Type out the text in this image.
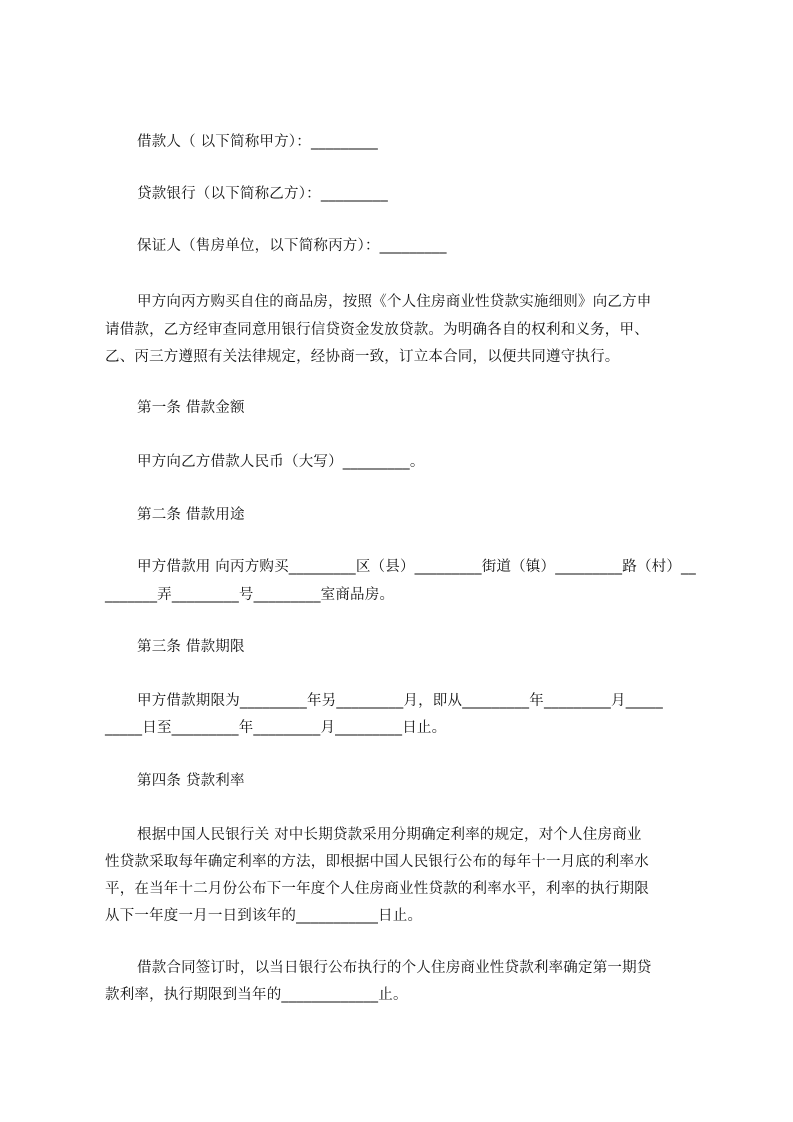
借款人（ 以下简称甲方）：_________
贷款银行（以下简称乙方）：_________
保证人（售房单位，以下简称丙方）：_________
甲方向丙方购买自住的商品房，按照《个人住房商业性贷款实施细则》向乙方申
请借款，乙方经审查同意用银行信贷资金发放贷款。为明确各自的权利和义务，甲、
乙、丙三方遵照有关法律规定，经协商一致，订立本合同，以便共同遵守执行。
第一条 借款金额
甲方向乙方借款人民币（大写）_________。
第二条 借款用途
甲方借款用 向丙方购买_________区（县）_________街道（镇）_________路（村）__
_______弄_________号_________室商品房。
第三条 借款期限
甲方借款期限为_________年另_________月，即从_________年_________月_____
_____日至_________年_________月_________日止。
第四条 贷款利率
根据中国人民银行关 对中长期贷款采用分期确定利率的规定，对个人住房商业
性贷款采取每年确定利率的方法，即根据中国人民银行公布的每年十一月底的利率水
平，在当年十二月份公布下一年度个人住房商业性贷款的利率水平，利率的执行期限
从下一年度一月一日到该年的___________日止。
借款合同签订时，以当日银行公布执行的个人住房商业性贷款利率确定第一期贷
款利率，执行期限到当年的_____________止。
